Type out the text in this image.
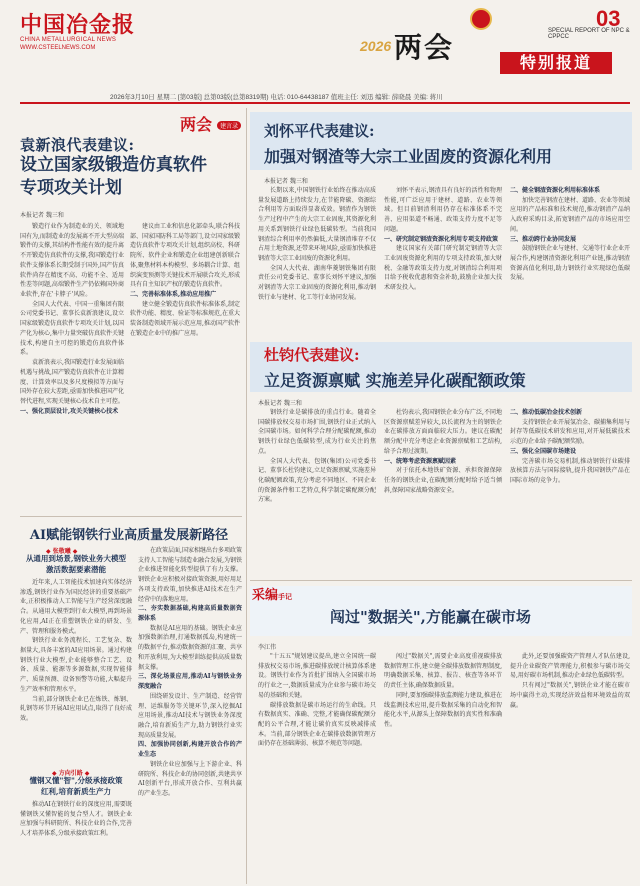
中国冶金报
CHINA METALLURGICAL NEWS
WWW.CSTEELNEWS.COM	2026 两会	SPECIAL REPORT OF NPC & CPPCC
03
特别报道
2026年3月10日 星期二 [第03版] 总第03版(总第8319期) 电话: 010-64438187 值班主任: 刘迅 编辑: 薛晓晨 美编: 蒋川
两会 建言录
袁新浪代表建议:
设立国家级锻造仿真软件
专项攻关计划
本报记者 魏三和

锻造行业作为制造业的关、领域地国有为,而制造业的发展离不开大型高端锻件的支撑,其结构件性能有效的提升离不开锻造仿真软件的支撑,我国锻造行业软件支撑体系长期受制于国外,国产仿真软件尚存在精度不高、功能不全、适用性差等问题,高端锻件生产仍依赖国外商业软件,存在'卡脖子'风险。

全国人大代表、中国一重集团有限公司党委书记、董事长袁新浪建议,设立国家级锻造仿真软件专项攻关计划,以国产化为核心,集中力量突破仿真软件关键技术,构建自主可控的锻造仿真软件体系。

袁新浪表示,我国锻造行业发展面临机遇与挑战,国产锻造仿真软件在计算精度、计算效率以及多尺度模拟等方面与国外存在较大差距,亟需加快推进国产化替代进程,实现关键核心技术自主可控。

一、强化顶层设计,攻关关键核心技术

建议由工业和信息化部牵头,联合科技部、国家国防科工局等部门,设立国家级锻造仿真软件专项攻关计划,组织高校、科研院所、软件企业和锻造企业组建创新联合体,聚焦材料本构模型、多场耦合计算、组织演变预测等关键技术开展联合攻关,形成具有自主知识产权的锻造仿真软件。

二、完善标准体系,推动应用推广

建立健全锻造仿真软件标准体系,制定软件功能、精度、验证等标准规范,在重大装备制造领域开展示范应用,推动国产软件在锻造企业中的推广应用。

刘怀平代表建议:
加强对钢渣等大宗工业固废的资源化利用
本报记者 魏三和

长期以来,中国钢铁行业始终在推动高质量发展道路上持续发力,在节能降碳、资源综合利用等方面取得显著成效。钢渣作为钢铁生产过程中产生的大宗工业固废,其资源化利用关系到钢铁行业绿色低碳转型。当前我国钢渣综合利用率仍然偏低,大量钢渣堆存不仅占用土地资源,还带来环境风险,亟需加快推进钢渣等大宗工业固废的资源化利用。

全国人大代表、湖南华菱钢铁集团有限责任公司党委书记、董事长刘怀平建议,加强对钢渣等大宗工业固废的资源化利用,推动钢铁行业与建材、化工等行业协同发展。

刘怀平表示,钢渣具有良好的活性和物理性能,可广泛应用于建材、道路、农业等领域。但目前钢渣利用仍存在标准体系不完善、应用渠道不畅通、政策支持力度不足等问题。

一、研究制定钢渣资源化利用专项支持政策

建议国家有关部门研究制定钢渣等大宗工业固废资源化利用的专项支持政策,加大财税、金融等政策支持力度,对钢渣综合利用项目给予税收优惠和资金补助,鼓励企业加大技术研发投入。

二、健全钢渣资源化利用标准体系

加快完善钢渣在建材、道路、农业等领域应用的产品标准和技术规范,推动钢渣产品纳入政府采购目录,拓宽钢渣产品的市场应用空间。

三、推动跨行业协同发展

鼓励钢铁企业与建材、交通等行业企业开展合作,构建钢渣资源化利用产业链,推动钢渣资源高值化利用,助力钢铁行业实现绿色低碳发展。

杜钧代表建议:
立足资源禀赋 实施差异化碳配额政策
本报记者 魏三和

钢铁行业是碳排放的重点行业。随着全国碳排放权交易市场扩围,钢铁行业正式纳入全国碳市场。如何科学合理分配碳配额,推动钢铁行业绿色低碳转型,成为行业关注的焦点。

全国人大代表、包钢(集团)公司党委书记、董事长杜钧建议,立足资源禀赋,实施差异化碳配额政策,充分考虑不同地区、不同企业的资源条件和工艺特点,科学制定碳配额分配方案。

杜钧表示,我国钢铁企业分布广泛,不同地区资源禀赋差异较大,以长流程为主的钢铁企业在碳排放方面面临较大压力。建议在碳配额分配中充分考虑企业资源禀赋和工艺结构,给予合理过渡期。

一、统筹考虑资源禀赋因素

对于依托本地铁矿资源、承担资源保障任务的钢铁企业,在碳配额分配时给予适当倾斜,保障国家战略资源安全。

二、推动低碳冶金技术创新

支持钢铁企业开展氢冶金、碳捕集利用与封存等低碳技术研发和应用,对开展低碳技术示范的企业给予碳配额奖励。

三、强化全国碳市场建设

完善碳市场交易机制,推动钢铁行业碳排放核算方法与国际接轨,提升我国钢铁产品在国际市场的竞争力。

AI赋能钢铁行业高质量发展新路径
◆ 张敬曦 ◆
从通用到场景,钢铁业务大模型
激活数据要素潜能

近年来,人工智能技术加速向实体经济渗透,钢铁行业作为国民经济的重要基础产业,正积极推动人工智能与生产经营深度融合。从通用大模型到行业大模型,再到场景化应用,AI正在重塑钢铁企业的研发、生产、管理和服务模式。

钢铁行业业务流程长、工艺复杂、数据量大,具备丰富的AI应用场景。通过构建钢铁行业大模型,企业能够整合工艺、设备、质量、能源等多源数据,实现智能排产、质量预测、设备预警等功能,大幅提升生产效率和管理水平。

当前,部分钢铁企业已在炼铁、炼钢、轧钢等环节开展AI应用试点,取得了良好成效。

◆ 方向引路 ◆
懂钢又懂"智",分级承接政策
红利,培育新质生产力

推动AI在钢铁行业的深度应用,需要既懂钢铁又懂智能的复合型人才。钢铁企业应加强与科研院所、科技企业的合作,完善人才培养体系,分级承接政策红利。

在政策层面,国家相继出台多项政策支持人工智能与制造业融合发展,为钢铁企业推进智能化转型提供了有力支撑。钢铁企业应积极对接政策资源,用好用足各项支持政策,加快推进AI技术在生产经营中的落地应用。

二、夯实数据基础,构建高质量数据资源体系

数据是AI应用的基础。钢铁企业应加强数据治理,打通数据孤岛,构建统一的数据平台,推动数据资源的汇聚、共享和开放利用,为大模型训练提供高质量数据支撑。

三、深化场景应用,推动AI与钢铁业务深度融合

围绕研发设计、生产制造、经营管理、运维服务等关键环节,深入挖掘AI应用场景,推动AI技术与钢铁业务深度融合,培育新质生产力,助力钢铁行业实现高质量发展。

四、加强协同创新,构建开放合作的产业生态

钢铁企业应加强与上下游企业、科研院所、科技企业的协同创新,共建共享AI创新平台,形成开放合作、互利共赢的产业生态。

采编手记
闯过"数据关",方能赢在碳市场
李江伟

"十五五"规划建议提出,建立全国统一碳排放权交易市场,推进碳排放统计核算体系建设。钢铁行业作为首批扩围纳入全国碳市场的行业之一,数据质量成为企业参与碳市场交易的基础和关键。

碳排放数据是碳市场运行的生命线。只有数据真实、准确、完整,才能确保碳配额分配的公平合理,才能让碳价真实反映减排成本。当前,部分钢铁企业在碳排放数据管理方面仍存在基础薄弱、核算不规范等问题。

闯过"数据关",需要企业高度重视碳排放数据管理工作,建立健全碳排放数据管理制度,明确数据采集、核算、报告、核查等各环节的责任主体,确保数据质量。

同时,要加强碳排放监测能力建设,推进在线监测技术应用,提升数据采集的自动化和智能化水平,从源头上保障数据的真实性和准确性。

此外,还要加强碳资产管理人才队伍建设,提升企业碳资产管理能力,积极参与碳市场交易,用好碳市场机制,推动企业绿色低碳转型。

只有闯过"数据关",钢铁企业才能在碳市场中赢得主动,实现经济效益和环境效益的双赢。
